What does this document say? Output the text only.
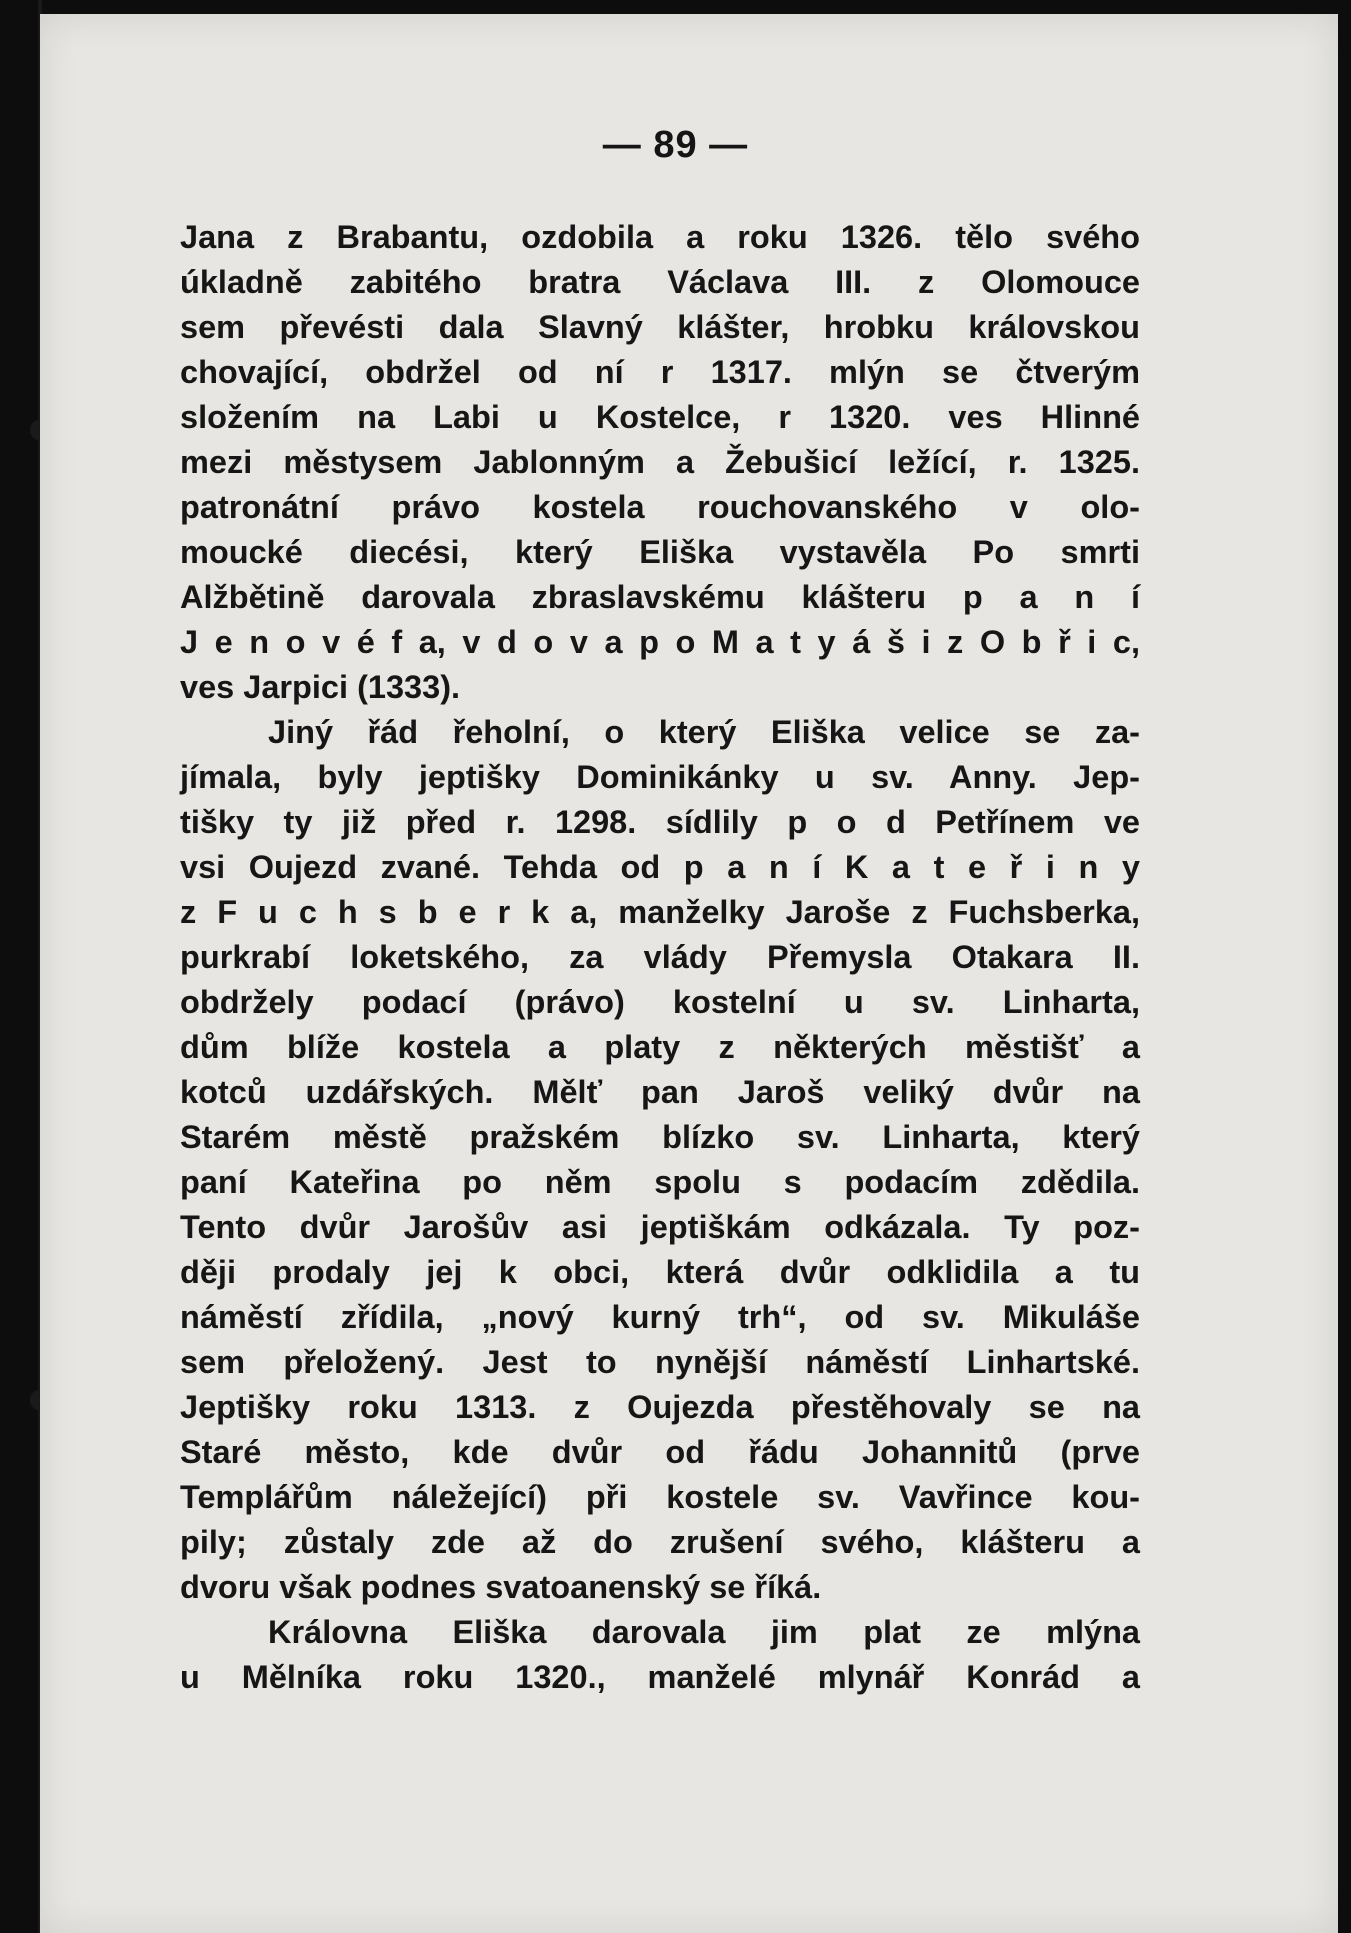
— 89 —
Jana z Brabantu, ozdobila a roku 1326. tělo svého
úkladně zabitého bratra Václava III. z Olomouce
sem převésti dala Slavný klášter, hrobku královskou
chovající, obdržel od ní r 1317. mlýn se čtverým
složením na Labi u Kostelce, r 1320. ves Hlinné
mezi městysem Jablonným a Žebušicí ležící, r. 1325.
patronátní právo kostela rouchovanského v olo-
moucké diecési, který Eliška vystavěla Po smrti
Alžbětině darovala zbraslavskému klášteru p a n í
J e n o v é f a, v d o v a p o M a t y á š i z O b ř i c,
ves Jarpici (1333).
Jiný řád řeholní, o který Eliška velice se za-
jímala, byly jeptišky Dominikánky u sv. Anny. Jep-
tišky ty již před r. 1298. sídlily p o d Petřínem ve
vsi Oujezd zvané. Tehda od p a n í K a t e ř i n y
z F u c h s b e r k a, manželky Jaroše z Fuchsberka,
purkrabí loketského, za vlády Přemysla Otakara II.
obdržely podací (právo) kostelní u sv. Linharta,
dům blíže kostela a platy z některých městišť a
kotců uzdářských. Mělť pan Jaroš veliký dvůr na
Starém městě pražském blízko sv. Linharta, který
paní Kateřina po něm spolu s podacím zdědila.
Tento dvůr Jarošův asi jeptiškám odkázala. Ty poz-
ději prodaly jej k obci, která dvůr odklidila a tu
náměstí zřídila, „nový kurný trh“, od sv. Mikuláše
sem přeložený. Jest to nynější náměstí Linhartské.
Jeptišky roku 1313. z Oujezda přestěhovaly se na
Staré město, kde dvůr od řádu Johannitů (prve
Templářům náležející) při kostele sv. Vavřince kou-
pily; zůstaly zde až do zrušení svého, klášteru a
dvoru však podnes svatoanenský se říká.
Královna Eliška darovala jim plat ze mlýna
u Mělníka roku 1320., manželé mlynář Konrád a
